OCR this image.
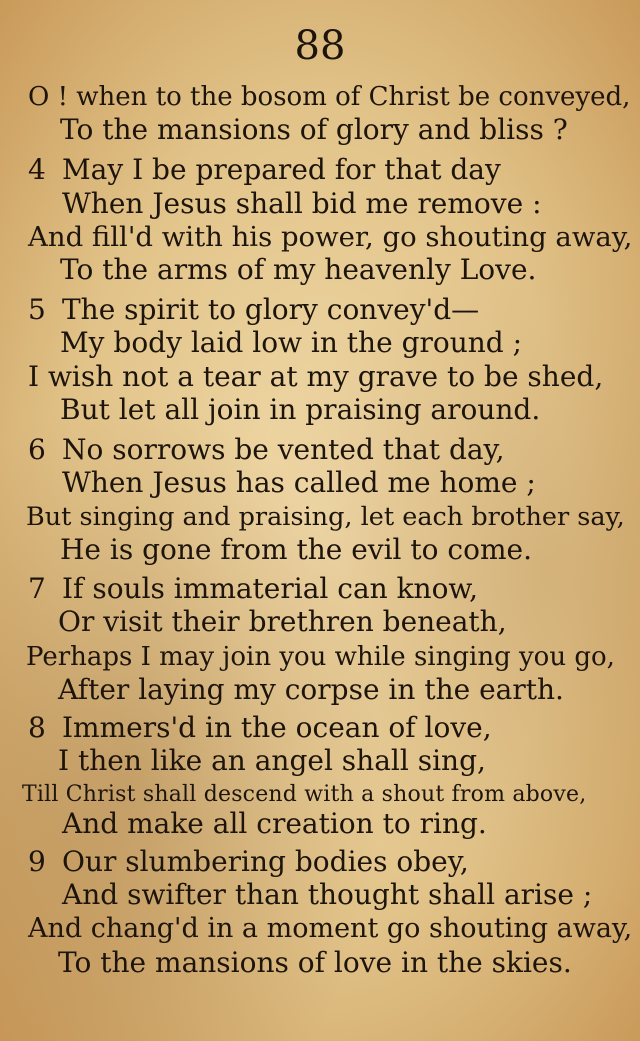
88
O ! when to the bosom of Christ be conveyed,
To the mansions of glory and bliss ?
4 May I be prepared for that day
When Jesus shall bid me remove :
And fill'd with his power, go shouting away,
To the arms of my heavenly Love.
5 The spirit to glory convey'd—
My body laid low in the ground ;
I wish not a tear at my grave to be shed,
But let all join in praising around.
6 No sorrows be vented that day,
When Jesus has called me home ;
But singing and praising, let each brother say,
He is gone from the evil to come.
7 If souls immaterial can know,
Or visit their brethren beneath,
Perhaps I may join you while singing you go,
After laying my corpse in the earth.
8 Immers'd in the ocean of love,
I then like an angel shall sing,
Till Christ shall descend with a shout from above,
And make all creation to ring.
9 Our slumbering bodies obey,
And swifter than thought shall arise ;
And chang'd in a moment go shouting away,
To the mansions of love in the skies.
